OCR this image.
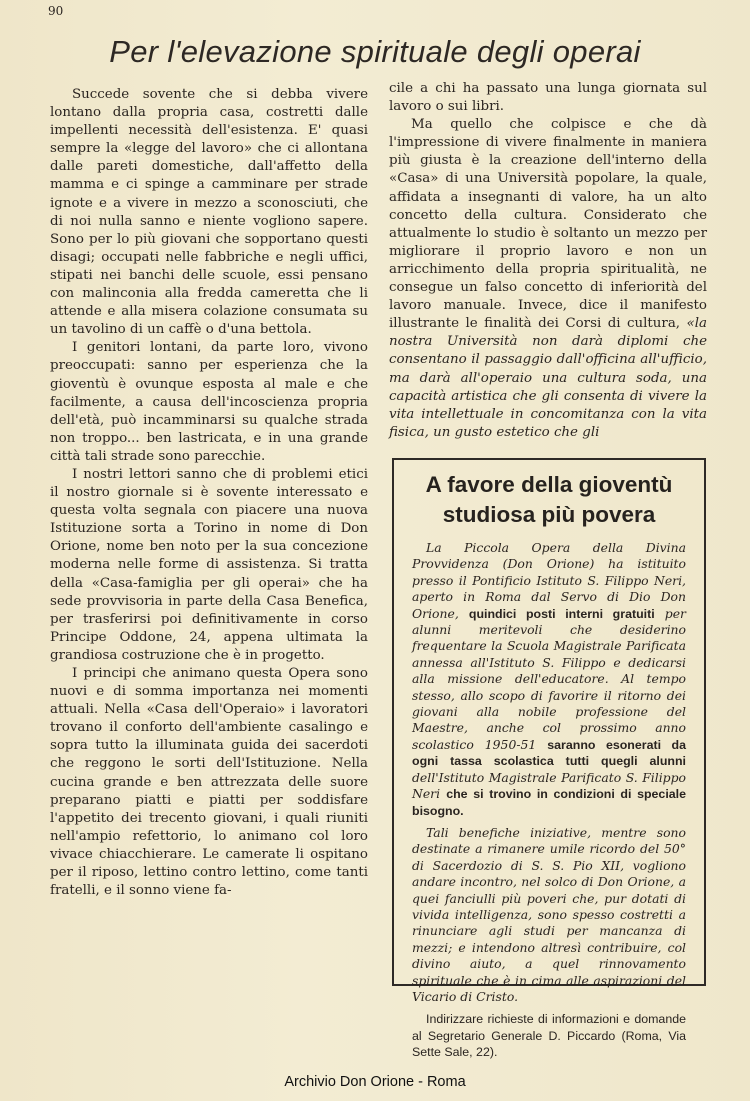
90
Per l'elevazione spirituale degli operai

Succede sovente che si debba vivere lontano dalla propria casa, costretti dalle impellenti necessità dell'esistenza. E' quasi sempre la «legge del lavoro» che ci allontana dalle pareti domestiche, dall'affetto della mamma e ci spinge a camminare per strade ignote e a vivere in mezzo a sconosciuti, che di noi nulla sanno e niente vogliono sapere. Sono per lo più giovani che sopportano questi disagi; occupati nelle fabbriche e negli uffici, stipati nei banchi delle scuole, essi pensano con malinconia alla fredda cameretta che li attende e alla misera colazione consumata su un tavolino di un caffè o d'una bettola.

I genitori lontani, da parte loro, vivono preoccupati: sanno per esperienza che la gioventù è ovunque esposta al male e che facilmente, a causa dell'incoscienza propria dell'età, può incamminarsi su qualche strada non troppo... ben lastricata, e in una grande città tali strade sono parecchie.

I nostri lettori sanno che di problemi etici il nostro giornale si è sovente interessato e questa volta segnala con piacere una nuova Istituzione sorta a Torino in nome di Don Orione, nome ben noto per la sua concezione moderna nelle forme di assistenza. Si tratta della «Casa-famiglia per gli operai» che ha sede provvisoria in parte della Casa Benefica, per trasferirsi poi definitivamente in corso Principe Oddone, 24, appena ultimata la grandiosa costruzione che è in progetto.

I principi che animano questa Opera sono nuovi e di somma importanza nei momenti attuali. Nella «Casa dell'Operaio» i lavoratori trovano il conforto dell'ambiente casalingo e sopra tutto la illuminata guida dei sacerdoti che reggono le sorti dell'Istituzione. Nella cucina grande e ben attrezzata delle suore preparano piatti e piatti per soddisfare l'appetito dei trecento giovani, i quali riuniti nell'ampio refettorio, lo animano col loro vivace chiacchierare. Le camerate li ospitano per il riposo, lettino contro lettino, come tanti fratelli, e il sonno viene fa-

cile a chi ha passato una lunga giornata sul lavoro o sui libri.

Ma quello che colpisce e che dà l'impressione di vivere finalmente in maniera più giusta è la creazione dell'interno della «Casa» di una Università popolare, la quale, affidata a insegnanti di valore, ha un alto concetto della cultura. Considerato che attualmente lo studio è soltanto un mezzo per migliorare il proprio lavoro e non un arricchimento della propria spiritualità, ne consegue un falso concetto di inferiorità del lavoro manuale. Invece, dice il manifesto illustrante le finalità dei Corsi di cultura, «la nostra Università non darà diplomi che consentano il passaggio dall'officina all'ufficio, ma darà all'operaio una cultura soda, una capacità artistica che gli consenta di vivere la vita intellettuale in concomitanza con la vita fisica, un gusto estetico che gli

A favore della gioventù
studiosa più povera

La Piccola Opera della Divina Provvidenza (Don Orione) ha istituito presso il Pontificio Istituto S. Filippo Neri, aperto in Roma dal Servo di Dio Don Orione, quindici posti interni gratuiti per alunni meritevoli che desiderino frequentare la Scuola Magistrale Parificata annessa all'Istituto S. Filippo e dedicarsi alla missione dell'educatore. Al tempo stesso, allo scopo di favorire il ritorno dei giovani alla nobile professione del Maestre, anche col prossimo anno scolastico 1950-51 saranno esonerati da ogni tassa scolastica tutti quegli alunni dell'Istituto Magistrale Parificato S. Filippo Neri che si trovino in condizioni di speciale bisogno.

Tali benefiche iniziative, mentre sono destinate a rimanere umile ricordo del 50° di Sacerdozio di S. S. Pio XII, vogliono andare incontro, nel solco di Don Orione, a quei fanciulli più poveri che, pur dotati di vivida intelligenza, sono spesso costretti a rinunciare agli studi per mancanza di mezzi; e intendono altresì contribuire, col divino aiuto, a quel rinnovamento spirituale che è in cima alle aspirazioni del Vicario di Cristo.

Indirizzare richieste di informazioni e domande al Segretario Generale D. Piccardo (Roma, Via Sette Sale, 22).

Archivio Don Orione - Roma
